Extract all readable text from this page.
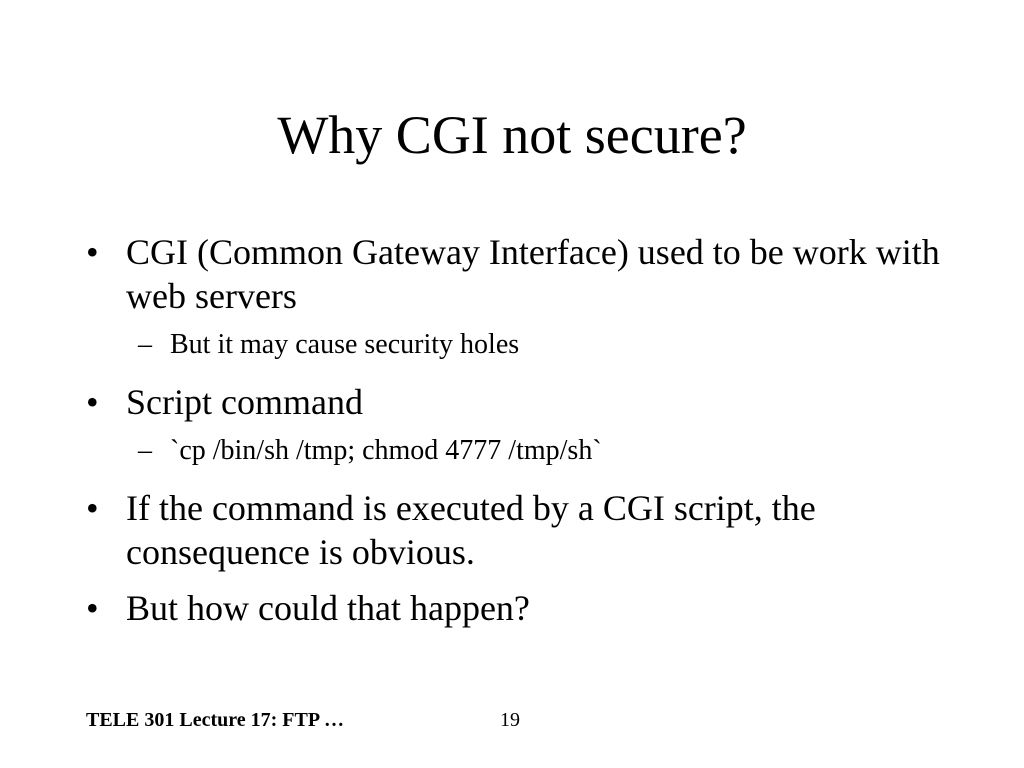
Why CGI not secure?
• CGI (Common Gateway Interface) used to be work with web servers
– But it may cause security holes
• Script command
– `cp /bin/sh /tmp; chmod 4777 /tmp/sh`
• If the command is executed by a CGI script, the consequence is obvious.
• But how could that happen?
TELE 301 Lecture 17: FTP …	19
